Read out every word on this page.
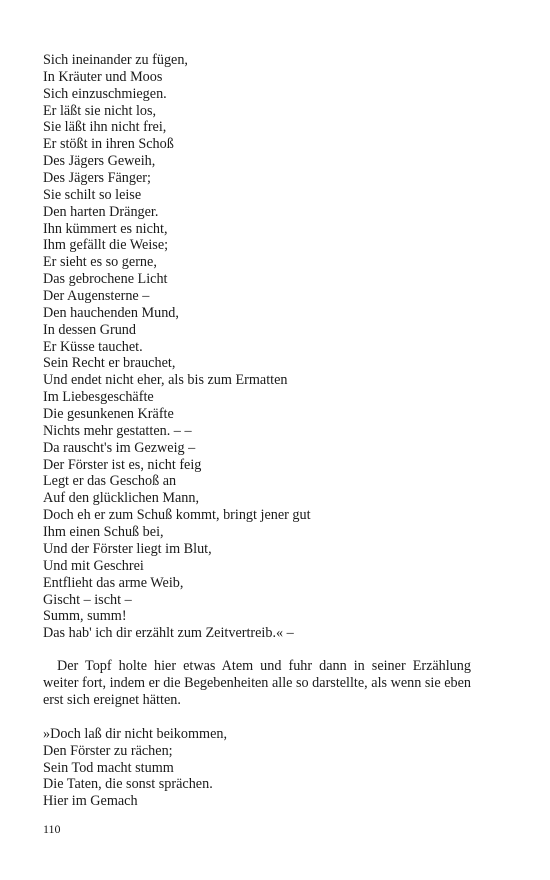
Sich ineinander zu fügen,
In Kräuter und Moos
Sich einzuschmiegen.
Er läßt sie nicht los,
Sie läßt ihn nicht frei,
Er stößt in ihren Schoß
Des Jägers Geweih,
Des Jägers Fänger;
Sie schilt so leise
Den harten Dränger.
Ihn kümmert es nicht,
Ihm gefällt die Weise;
Er sieht es so gerne,
Das gebrochene Licht
Der Augensterne –
Den hauchenden Mund,
In dessen Grund
Er Küsse tauchet.
Sein Recht er brauchet,
Und endet nicht eher, als bis zum Ermatten
Im Liebesgeschäfte
Die gesunkenen Kräfte
Nichts mehr gestatten. – –
Da rauscht's im Gezweig –
Der Förster ist es, nicht feig
Legt er das Geschoß an
Auf den glücklichen Mann,
Doch eh er zum Schuß kommt, bringt jener gut
Ihm einen Schuß bei,
Und der Förster liegt im Blut,
Und mit Geschrei
Entflieht das arme Weib,
Gischt – ischt –
Summ, summ!
Das hab' ich dir erzählt zum Zeitvertreib.« –

Der Topf holte hier etwas Atem und fuhr dann in seiner Erzählung weiter fort, indem er die Begebenheiten alle so darstellte, als wenn sie eben erst sich ereignet hätten.

»Doch laß dir nicht beikommen,
Den Förster zu rächen;
Sein Tod macht stumm
Die Taten, die sonst sprächen.
Hier im Gemach
110
